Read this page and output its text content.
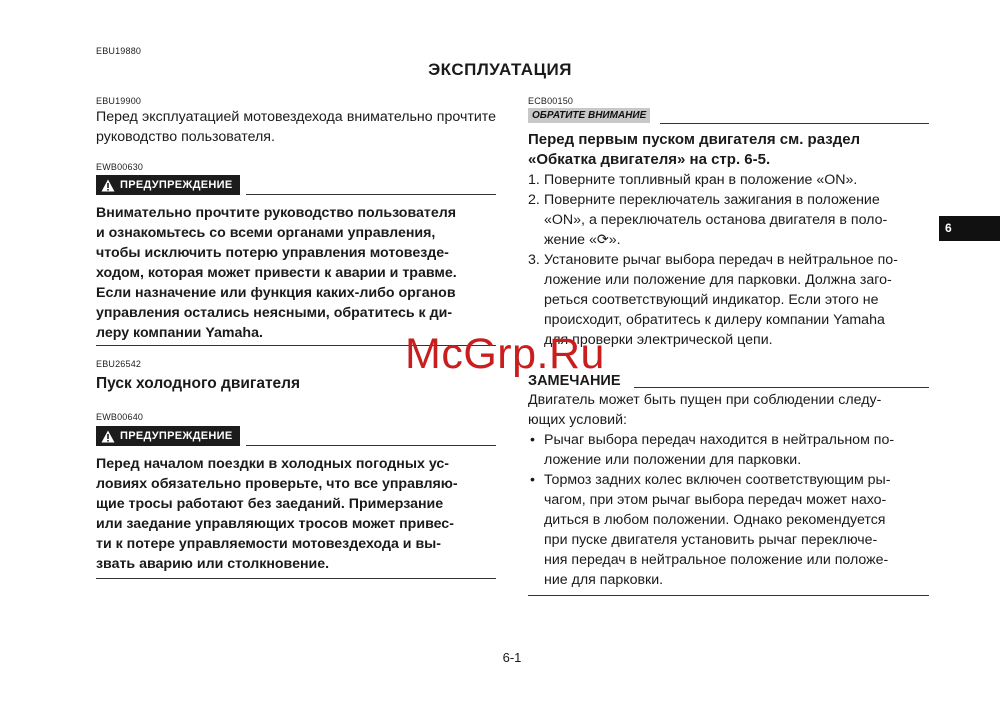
EBU19880
ЭКСПЛУАТАЦИЯ
EBU19900
Перед эксплуатацией мотовездехода внимательно прочтите руководство пользователя.
EWB00630
ПРЕДУПРЕЖДЕНИЕ
Внимательно прочтите руководство пользователя
и ознакомьтесь со всеми органами управления,
чтобы исключить потерю управления мотовезде-
ходом, которая может привести к аварии и травме.
Если назначение или функция каких-либо органов
управления остались неясными, обратитесь к ди-
леру компании Yamaha.
EBU26542
Пуск холодного двигателя
EWB00640
ПРЕДУПРЕЖДЕНИЕ
Перед началом поездки в холодных погодных ус-
ловиях обязательно проверьте, что все управляю-
щие тросы работают без заеданий. Примерзание
или заедание управляющих тросов может привес-
ти к потере управляемости мотовездехода и вы-
звать аварию или столкновение.
ECB00150
ОБРАТИТЕ ВНИМАНИЕ
Перед первым пуском двигателя см. раздел
«Обкатка двигателя» на стр. 6-5.
1. Поверните топливный кран в положение «ON».
2. Поверните переключатель зажигания в положение
«ON», а переключатель останова двигателя в поло-
жение «⟳».
3. Установите рычаг выбора передач в нейтральное по-
ложение или положение для парковки. Должна заго-
реться соответствующий индикатор. Если этого не
происходит, обратитесь к дилеру компании Yamaha
для проверки электрической цепи.
ЗАМЕЧАНИЕ
Двигатель может быть пущен при соблюдении следу-
ющих условий:
• Рычаг выбора передач находится в нейтральном по-
ложение или положении для парковки.
• Тормоз задних колес включен соответствующим ры-
чагом, при этом рычаг выбора передач может нахо-
диться в любом положении. Однако рекомендуется
при пуске двигателя установить рычаг переключе-
ния передач в нейтральное положение или положе-
ние для парковки.
6
McGrp.Ru
6-1
